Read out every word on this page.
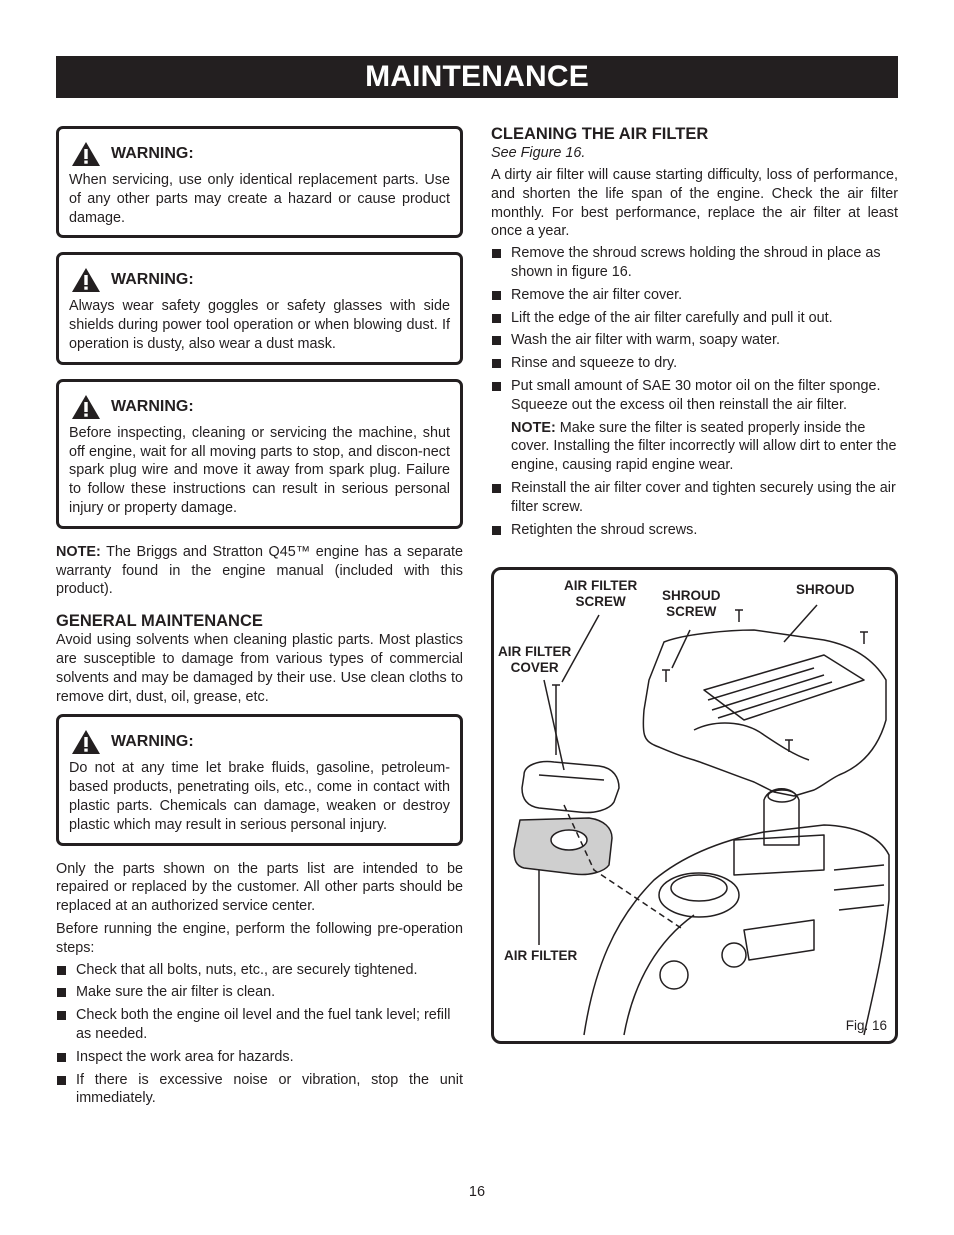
MAINTENANCE
WARNING:

When servicing, use only identical replacement parts. Use of any other parts may create a hazard or cause product damage.

WARNING:

Always wear safety goggles or safety glasses with side shields during power tool operation or when blowing dust. If operation is dusty, also wear a dust mask.

WARNING:

Before inspecting, cleaning or servicing the machine, shut off engine, wait for all moving parts to stop, and discon-nect spark plug wire and move it away from spark plug. Failure to follow these instructions can result in serious personal injury or property damage.

NOTE: The Briggs and Stratton Q45™ engine has a separate warranty found in the engine manual (included with this product).

GENERAL MAINTENANCE

Avoid using solvents when cleaning plastic parts. Most plastics are susceptible to damage from various types of commercial solvents and may be damaged by their use. Use clean cloths to remove dirt, dust, oil, grease, etc.

WARNING:

Do not at any time let brake fluids, gasoline, petroleum-based products, penetrating oils, etc., come in contact with plastic parts. Chemicals can damage, weaken or destroy plastic which may result in serious personal injury.

Only the parts shown on the parts list are intended to be repaired or replaced by the customer. All other parts should be replaced at an authorized service center.

Before running the engine, perform the following pre-operation steps:

Check that all bolts, nuts, etc., are securely tightened.
Make sure the air filter is clean.
Check both the engine oil level and the fuel tank level; refill as needed.
Inspect the work area for hazards.
If there is excessive noise or vibration, stop the unit immediately.
CLEANING THE AIR FILTER

See Figure 16.

A dirty air filter will cause starting difficulty, loss of performance, and shorten the life span of the engine. Check the air filter monthly. For best performance, replace the air filter at least once a year.

Remove the shroud screws holding the shroud in place as shown in figure 16.
Remove the air filter cover.
Lift the edge of the air filter carefully and pull it out.
Wash the air filter with warm, soapy water.
Rinse and squeeze to dry.
Put small amount of SAE 30 motor oil on the filter sponge. Squeeze out the excess oil then reinstall the air filter.

NOTE: Make sure the filter is seated properly inside the cover. Installing the filter incorrectly will allow dirt to enter the engine, causing rapid engine wear.

Reinstall the air filter cover and tighten securely using the air filter screw.
Retighten the shroud screws.
AIR FILTER
SCREW	SHROUD
SCREW
SHROUD
AIR FILTER
COVER
AIR FILTER
Fig. 16
16
